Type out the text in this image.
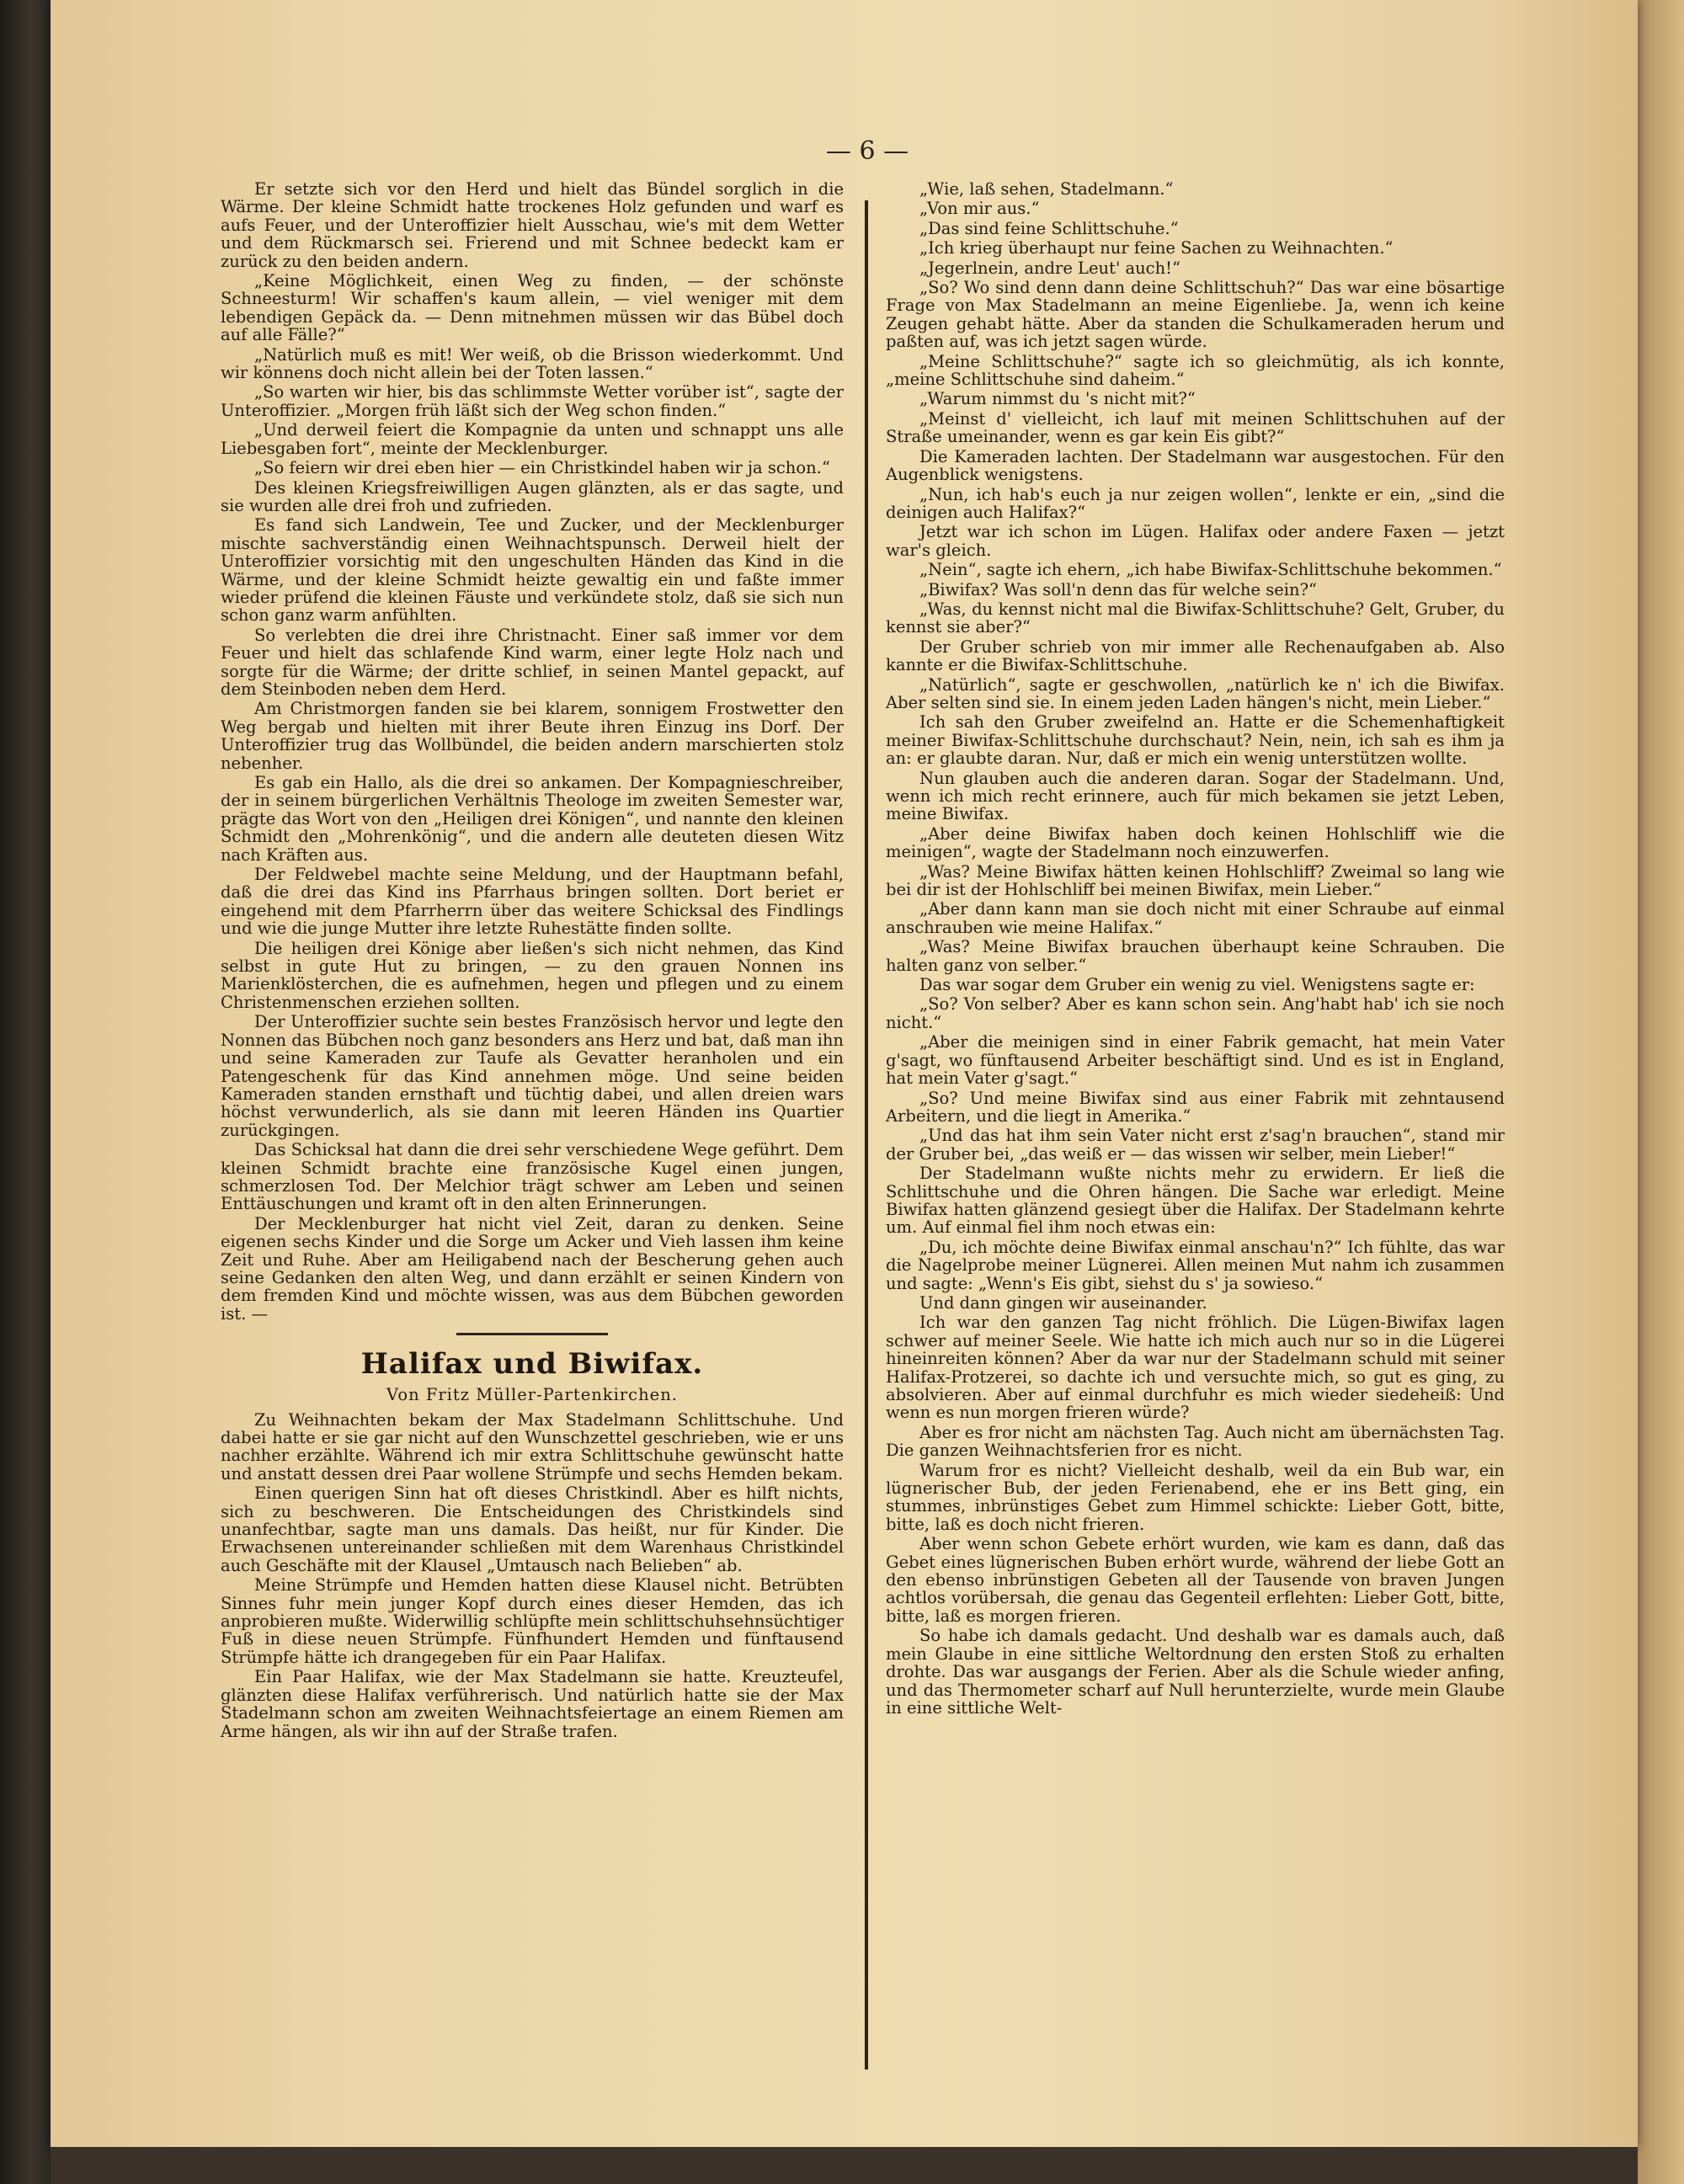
— 6 —

Er setzte sich vor den Herd und hielt das Bündel sorglich in die Wärme. Der kleine Schmidt hatte trockenes Holz gefunden und warf es aufs Feuer, und der Unteroffizier hielt Ausschau, wie's mit dem Wetter und dem Rückmarsch sei. Frierend und mit Schnee bedeckt kam er zurück zu den beiden andern.

„Keine Möglichkeit, einen Weg zu finden, — der schönste Schneesturm! Wir schaffen's kaum allein, — viel weniger mit dem lebendigen Gepäck da. — Denn mitnehmen müssen wir das Bübel doch auf alle Fälle?“

„Natürlich muß es mit! Wer weiß, ob die Brisson wiederkommt. Und wir könnens doch nicht allein bei der Toten lassen.“

„So warten wir hier, bis das schlimmste Wetter vorüber ist“, sagte der Unteroffizier. „Morgen früh läßt sich der Weg schon finden.“

„Und derweil feiert die Kompagnie da unten und schnappt uns alle Liebesgaben fort“, meinte der Mecklenburger.

„So feiern wir drei eben hier — ein Christkindel haben wir ja schon.“

Des kleinen Kriegsfreiwilligen Augen glänzten, als er das sagte, und sie wurden alle drei froh und zufrieden.

Es fand sich Landwein, Tee und Zucker, und der Mecklenburger mischte sachverständig einen Weihnachtspunsch. Derweil hielt der Unteroffizier vorsichtig mit den ungeschulten Händen das Kind in die Wärme, und der kleine Schmidt heizte gewaltig ein und faßte immer wieder prüfend die kleinen Fäuste und verkündete stolz, daß sie sich nun schon ganz warm anfühlten.

So verlebten die drei ihre Christnacht. Einer saß immer vor dem Feuer und hielt das schlafende Kind warm, einer legte Holz nach und sorgte für die Wärme; der dritte schlief, in seinen Mantel gepackt, auf dem Steinboden neben dem Herd.

Am Christmorgen fanden sie bei klarem, sonnigem Frostwetter den Weg bergab und hielten mit ihrer Beute ihren Einzug ins Dorf. Der Unteroffizier trug das Wollbündel, die beiden andern marschierten stolz nebenher.

Es gab ein Hallo, als die drei so ankamen. Der Kompagnieschreiber, der in seinem bürgerlichen Verhältnis Theologe im zweiten Semester war, prägte das Wort von den „Heiligen drei Königen“, und nannte den kleinen Schmidt den „Mohrenkönig“, und die andern alle deuteten diesen Witz nach Kräften aus.

Der Feldwebel machte seine Meldung, und der Hauptmann befahl, daß die drei das Kind ins Pfarrhaus bringen sollten. Dort beriet er eingehend mit dem Pfarrherrn über das weitere Schicksal des Findlings und wie die junge Mutter ihre letzte Ruhestätte finden sollte.

Die heiligen drei Könige aber ließen's sich nicht nehmen, das Kind selbst in gute Hut zu bringen, — zu den grauen Nonnen ins Marienklösterchen, die es aufnehmen, hegen und pflegen und zu einem Christenmenschen erziehen sollten.

Der Unteroffizier suchte sein bestes Französisch hervor und legte den Nonnen das Bübchen noch ganz besonders ans Herz und bat, daß man ihn und seine Kameraden zur Taufe als Gevatter heranholen und ein Patengeschenk für das Kind annehmen möge. Und seine beiden Kameraden standen ernsthaft und tüchtig dabei, und allen dreien wars höchst verwunderlich, als sie dann mit leeren Händen ins Quartier zurückgingen.

Das Schicksal hat dann die drei sehr verschiedene Wege geführt. Dem kleinen Schmidt brachte eine französische Kugel einen jungen, schmerzlosen Tod. Der Melchior trägt schwer am Leben und seinen Enttäuschungen und kramt oft in den alten Erinnerungen.

Der Mecklenburger hat nicht viel Zeit, daran zu denken. Seine eigenen sechs Kinder und die Sorge um Acker und Vieh lassen ihm keine Zeit und Ruhe. Aber am Heiligabend nach der Bescherung gehen auch seine Gedanken den alten Weg, und dann erzählt er seinen Kindern von dem fremden Kind und möchte wissen, was aus dem Bübchen geworden ist. —

Halifax und Biwifax.
Von Fritz Müller-Partenkirchen.

Zu Weihnachten bekam der Max Stadelmann Schlittschuhe. Und dabei hatte er sie gar nicht auf den Wunschzettel geschrieben, wie er uns nachher erzählte. Während ich mir extra Schlittschuhe gewünscht hatte und anstatt dessen drei Paar wollene Strümpfe und sechs Hemden bekam.

Einen querigen Sinn hat oft dieses Christkindl. Aber es hilft nichts, sich zu beschweren. Die Entscheidungen des Christkindels sind unanfechtbar, sagte man uns damals. Das heißt, nur für Kinder. Die Erwachsenen untereinander schließen mit dem Warenhaus Christkindel auch Geschäfte mit der Klausel „Umtausch nach Belieben“ ab.

Meine Strümpfe und Hemden hatten diese Klausel nicht. Betrübten Sinnes fuhr mein junger Kopf durch eines dieser Hemden, das ich anprobieren mußte. Widerwillig schlüpfte mein schlittschuhsehnsüchtiger Fuß in diese neuen Strümpfe. Fünfhundert Hemden und fünftausend Strümpfe hätte ich drangegeben für ein Paar Halifax.

Ein Paar Halifax, wie der Max Stadelmann sie hatte. Kreuzteufel, glänzten diese Halifax verführerisch. Und natürlich hatte sie der Max Stadelmann schon am zweiten Weihnachtsfeiertage an einem Riemen am Arme hängen, als wir ihn auf der Straße trafen.

„Wie, laß sehen, Stadelmann.“

„Von mir aus.“

„Das sind feine Schlittschuhe.“

„Ich krieg überhaupt nur feine Sachen zu Weihnachten.“

„Jegerlnein, andre Leut' auch!“

„So? Wo sind denn dann deine Schlittschuh?“ Das war eine bösartige Frage von Max Stadelmann an meine Eigenliebe. Ja, wenn ich keine Zeugen gehabt hätte. Aber da standen die Schulkameraden herum und paßten auf, was ich jetzt sagen würde.

„Meine Schlittschuhe?“ sagte ich so gleichmütig, als ich konnte, „meine Schlittschuhe sind daheim.“

„Warum nimmst du 's nicht mit?“

„Meinst d' vielleicht, ich lauf mit meinen Schlittschuhen auf der Straße umeinander, wenn es gar kein Eis gibt?“

Die Kameraden lachten. Der Stadelmann war ausgestochen. Für den Augenblick wenigstens.

„Nun, ich hab's euch ja nur zeigen wollen“, lenkte er ein, „sind die deinigen auch Halifax?“

Jetzt war ich schon im Lügen. Halifax oder andere Faxen — jetzt war's gleich.

„Nein“, sagte ich ehern, „ich habe Biwifax-Schlittschuhe bekommen.“

„Biwifax? Was soll'n denn das für welche sein?“

„Was, du kennst nicht mal die Biwifax-Schlittschuhe? Gelt, Gruber, du kennst sie aber?“

Der Gruber schrieb von mir immer alle Rechenaufgaben ab. Also kannte er die Biwifax-Schlittschuhe.

„Natürlich“, sagte er geschwollen, „natürlich ke n' ich die Biwifax. Aber selten sind sie. In einem jeden Laden hängen's nicht, mein Lieber.“

Ich sah den Gruber zweifelnd an. Hatte er die Schemenhaftigkeit meiner Biwifax-Schlittschuhe durchschaut? Nein, nein, ich sah es ihm ja an: er glaubte daran. Nur, daß er mich ein wenig unterstützen wollte.

Nun glauben auch die anderen daran. Sogar der Stadelmann. Und, wenn ich mich recht erinnere, auch für mich bekamen sie jetzt Leben, meine Biwifax.

„Aber deine Biwifax haben doch keinen Hohlschliff wie die meinigen“, wagte der Stadelmann noch einzuwerfen.

„Was? Meine Biwifax hätten keinen Hohlschliff? Zweimal so lang wie bei dir ist der Hohlschliff bei meinen Biwifax, mein Lieber.“

„Aber dann kann man sie doch nicht mit einer Schraube auf einmal anschrauben wie meine Halifax.“

„Was? Meine Biwifax brauchen überhaupt keine Schrauben. Die halten ganz von selber.“

Das war sogar dem Gruber ein wenig zu viel. Wenigstens sagte er:

„So? Von selber? Aber es kann schon sein. Ang'habt hab' ich sie noch nicht.“

„Aber die meinigen sind in einer Fabrik gemacht, hat mein Vater g'sagt, wo fünftausend Arbeiter beschäftigt sind. Und es ist in England, hat mein Vater g'sagt.“

„So? Und meine Biwifax sind aus einer Fabrik mit zehntausend Arbeitern, und die liegt in Amerika.“

„Und das hat ihm sein Vater nicht erst z'sag'n brauchen“, stand mir der Gruber bei, „das weiß er — das wissen wir selber, mein Lieber!“

Der Stadelmann wußte nichts mehr zu erwidern. Er ließ die Schlittschuhe und die Ohren hängen. Die Sache war erledigt. Meine Biwifax hatten glänzend gesiegt über die Halifax. Der Stadelmann kehrte um. Auf einmal fiel ihm noch etwas ein:

„Du, ich möchte deine Biwifax einmal anschau'n?“ Ich fühlte, das war die Nagelprobe meiner Lügnerei. Allen meinen Mut nahm ich zusammen und sagte: „Wenn's Eis gibt, siehst du s' ja sowieso.“

Und dann gingen wir auseinander.

Ich war den ganzen Tag nicht fröhlich. Die Lügen-Biwifax lagen schwer auf meiner Seele. Wie hatte ich mich auch nur so in die Lügerei hineinreiten können? Aber da war nur der Stadelmann schuld mit seiner Halifax-Protzerei, so dachte ich und versuchte mich, so gut es ging, zu absolvieren. Aber auf einmal durchfuhr es mich wieder siedeheiß: Und wenn es nun morgen frieren würde?

Aber es fror nicht am nächsten Tag. Auch nicht am übernächsten Tag. Die ganzen Weihnachtsferien fror es nicht.

Warum fror es nicht? Vielleicht deshalb, weil da ein Bub war, ein lügnerischer Bub, der jeden Ferienabend, ehe er ins Bett ging, ein stummes, inbrünstiges Gebet zum Himmel schickte: Lieber Gott, bitte, bitte, laß es doch nicht frieren.

Aber wenn schon Gebete erhört wurden, wie kam es dann, daß das Gebet eines lügnerischen Buben erhört wurde, während der liebe Gott an den ebenso inbrünstigen Gebeten all der Tausende von braven Jungen achtlos vorübersah, die genau das Gegenteil erflehten: Lieber Gott, bitte, bitte, laß es morgen frieren.

So habe ich damals gedacht. Und deshalb war es damals auch, daß mein Glaube in eine sittliche Weltordnung den ersten Stoß zu erhalten drohte. Das war ausgangs der Ferien. Aber als die Schule wieder anfing, und das Thermometer scharf auf Null herunterzielte, wurde mein Glaube in eine sittliche Welt-
